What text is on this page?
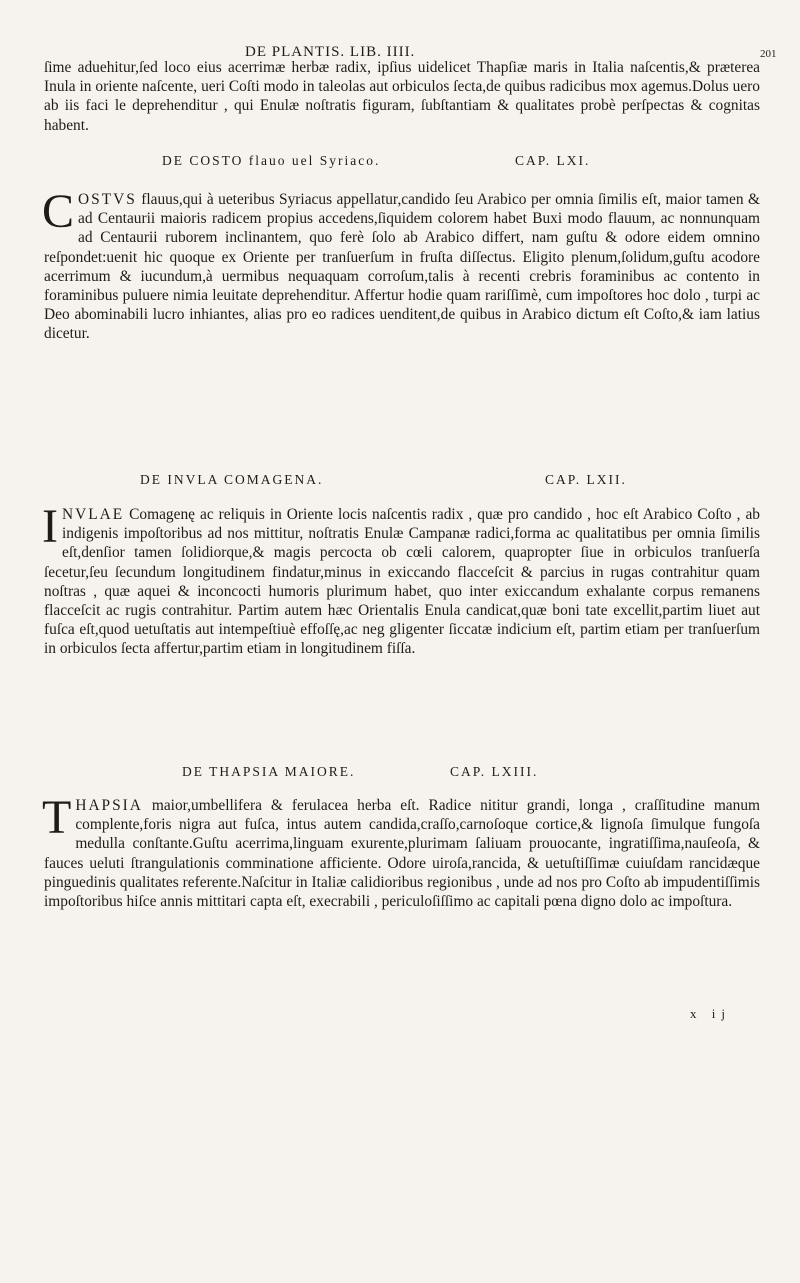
DE PLANTIS. LIB. IIII.	201
ſime aduehitur,ſed loco eius acerrimæ herbæ radix, ipſius uidelicet Thapſiæ maris in Italia naſcentis,& præterea Inula in oriente naſcente, ueri Coſti modo in taleolas aut orbiculos ſecta,de quibus radicibus mox agemus.Dolus uero ab iis faci le deprehenditur , qui Enulæ noſtratis figuram, ſubſtantiam & qualitates probè perſpectas & cognitas habent.
DE COSTO flauo uel Syriaco.	CAP. LXI.
COSTVS flauus,qui à ueteribus Syriacus appellatur,candido ſeu Arabico per omnia ſimilis eſt, maior tamen & ad Centaurii maioris radicem propius accedens,ſiquidem colorem habet Buxi modo flauum, ac nonnunquam ad Centaurii ruborem inclinantem, quo ferè ſolo ab Arabico differt, nam guſtu & odore eidem omnino reſpondet:uenit hic quoque ex Oriente per tranſuerſum in fruſta diſſectus. Eligito plenum,ſolidum,guſtu acodore acerrimum & iucundum,à uermibus nequaquam corroſum,talis à recenti crebris foraminibus ac contento in foraminibus puluere nimia leuitate deprehenditur. Affertur hodie quam rariſſimè, cum impoſtores hoc dolo , turpi ac Deo abominabili lucro inhiantes, alias pro eo radices uenditent,de quibus in Arabico dictum eſt Coſto,& iam latius dicetur.
DE INVLA COMAGENA.	CAP. LXII.
INVLAE Comagenę ac reliquis in Oriente locis naſcentis radix , quæ pro candido , hoc eſt Arabico Coſto , ab indigenis impoſtoribus ad nos mittitur, noſtratis Enulæ Campanæ radici,forma ac qualitatibus per omnia ſimilis eſt,denſior tamen ſolidiorque,& magis percocta ob cœli calorem, quapropter ſiue in orbiculos tranſuerſa ſecetur,ſeu ſecundum longitudinem findatur,minus in exiccando flacceſcit & parcius in rugas contrahitur quam noſtras , quæ aquei & inconcocti humoris plurimum habet, quo inter exiccandum exhalante corpus remanens flacceſcit ac rugis contrahitur. Partim autem hæc Orientalis Enula candicat,quæ boni tate excellit,partim liuet aut fuſca eſt,quod uetuſtatis aut intempeſtiuè effoſſę,ac neg gligenter ſiccatæ indicium eſt, partim etiam per tranſuerſum in orbiculos ſecta affertur,partim etiam in longitudinem fiſſa.
DE THAPSIA MAIORE.	CAP. LXIII.
THAPSIA maior,umbellifera & ferulacea herba eſt. Radice nititur grandi, longa , craſſitudine manum complente,foris nigra aut fuſca, intus autem candida,craſſo,carnoſoque cortice,& lignoſa ſimulque fungoſa medulla conſtante.Guſtu acerrima,linguam exurente,plurimam ſaliuam prouocante, ingratiſſima,nauſeoſa, & fauces ueluti ſtrangulationis comminatione afficiente. Odore uiroſa,rancida, & uetuſtiſſimæ cuiuſdam rancidæque pinguedinis qualitates referente.Naſcitur in Italiæ calidioribus regionibus , unde ad nos pro Coſto ab impudentiſſimis impoſtoribus hiſce annis mittitari capta eſt, execrabili , periculoſiſſimo ac capitali pœna digno dolo ac impoſtura.
x ij
